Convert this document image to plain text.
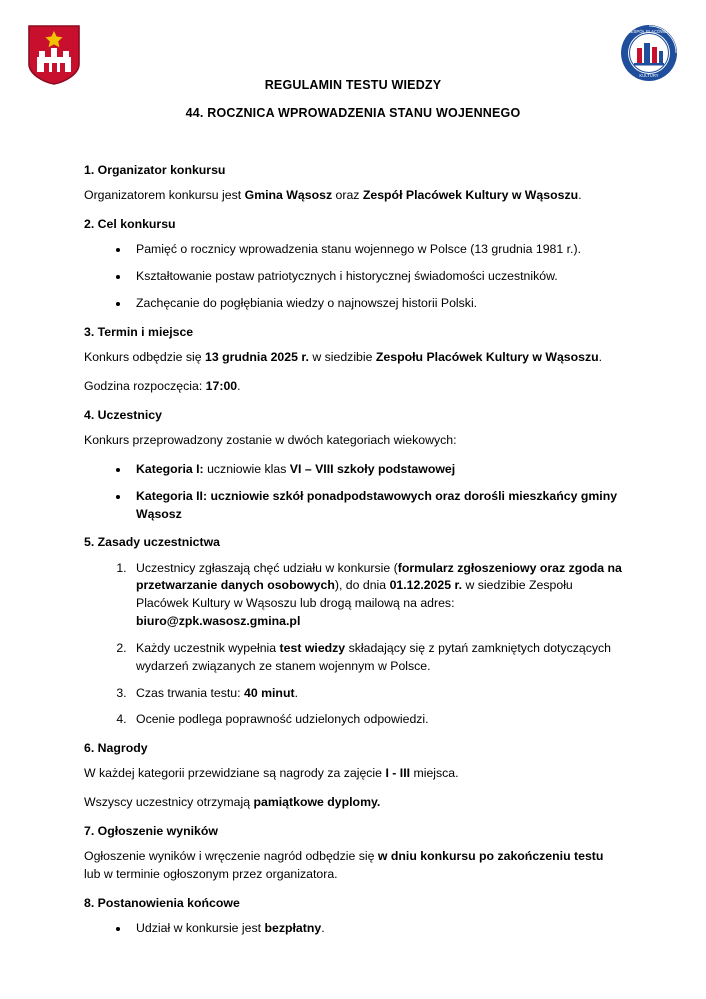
ZESPÓŁ PLACÓWEK
KULTURY
REGULAMIN TESTU WIEDZY
44. ROCZNICA WPROWADZENIA STANU WOJENNEGO
1. Organizator konkursu

Organizatorem konkursu jest Gmina Wąsosz oraz Zespół Placówek Kultury w Wąsoszu.

2. Cel konkursu
• Pamięć o rocznicy wprowadzenia stanu wojennego w Polsce (13 grudnia 1981 r.).
• Kształtowanie postaw patriotycznych i historycznej świadomości uczestników.
• Zachęcanie do pogłębiania wiedzy o najnowszej historii Polski.
3. Termin i miejsce

Konkurs odbędzie się 13 grudnia 2025 r. w siedzibie Zespołu Placówek Kultury w Wąsoszu.

Godzina rozpoczęcia: 17:00.

4. Uczestnicy

Konkurs przeprowadzony zostanie w dwóch kategoriach wiekowych:

• Kategoria I: uczniowie klas VI – VIII szkoły podstawowej
• Kategoria II: uczniowie szkół ponadpodstawowych oraz dorośli mieszkańcy gminy Wąsosz
5. Zasady uczestnictwa
1. Uczestnicy zgłaszają chęć udziału w konkursie (formularz zgłoszeniowy oraz zgoda na przetwarzanie danych osobowych), do dnia 01.12.2025 r. w siedzibie Zespołu Placówek Kultury w Wąsoszu lub drogą mailową na adres: biuro@zpk.wasosz.gmina.pl
2. Każdy uczestnik wypełnia test wiedzy składający się z pytań zamkniętych dotyczących wydarzeń związanych ze stanem wojennym w Polsce.
3. Czas trwania testu: 40 minut.
4. Ocenie podlega poprawność udzielonych odpowiedzi.
6. Nagrody

W każdej kategorii przewidziane są nagrody za zajęcie I - III miejsca.

Wszyscy uczestnicy otrzymają pamiątkowe dyplomy.

7. Ogłoszenie wyników

Ogłoszenie wyników i wręczenie nagród odbędzie się w dniu konkursu po zakończeniu testu lub w terminie ogłoszonym przez organizatora.

8. Postanowienia końcowe
• Udział w konkursie jest bezpłatny.
